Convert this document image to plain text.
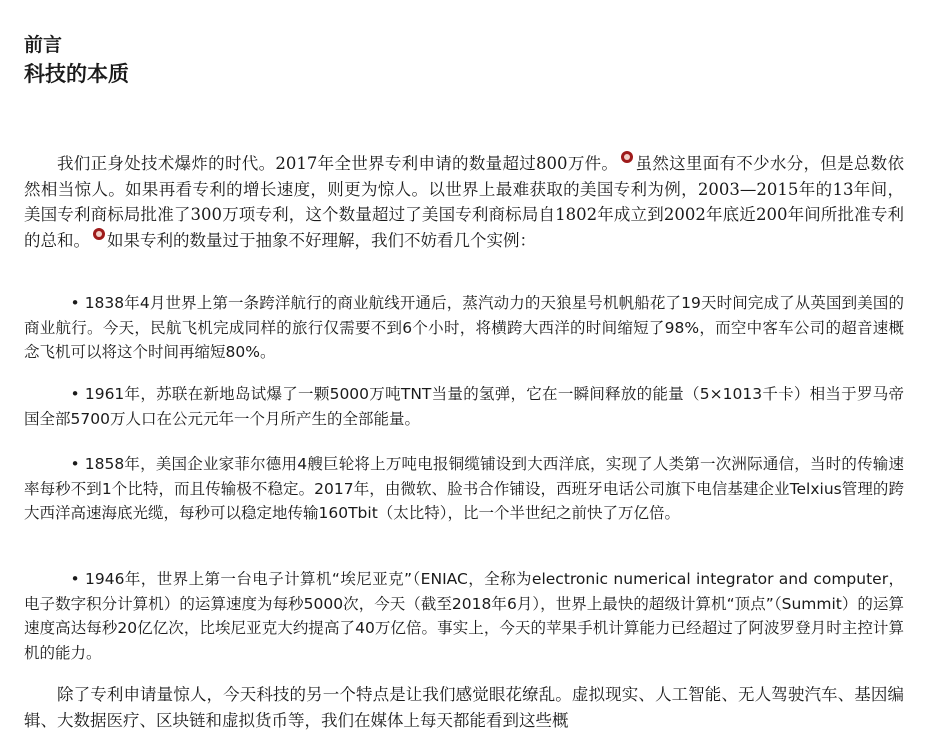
前言
科技的本质

我们正身处技术爆炸的时代。2017年全世界专利申请的数量超过800万件。 虽然这里面有不少水分，但是总数依然相当惊人。如果再看专利的增长速度，则更为惊人。以世界上最难获取的美国专利为例，2003—2015年的13年间，美国专利商标局批准了300万项专利，这个数量超过了美国专利商标局自1802年成立到2002年底近200年间所批准专利的总和。 如果专利的数量过于抽象不好理解，我们不妨看几个实例：

• 1838年4月世界上第一条跨洋航行的商业航线开通后，蒸汽动力的天狼星号机帆船花了19天时间完成了从英国到美国的商业航行。今天，民航飞机完成同样的旅行仅需要不到6个小时，将横跨大西洋的时间缩短了98%，而空中客车公司的超音速概念飞机可以将这个时间再缩短80%。

• 1961年，苏联在新地岛试爆了一颗5000万吨TNT当量的氢弹，它在一瞬间释放的能量（5×1013千卡）相当于罗马帝国全部5700万人口在公元元年一个月所产生的全部能量。

• 1858年，美国企业家菲尔德用4艘巨轮将上万吨电报铜缆铺设到大西洋底，实现了人类第一次洲际通信，当时的传输速率每秒不到1个比特，而且传输极不稳定。2017年，由微软、脸书合作铺设，西班牙电话公司旗下电信基建企业Telxius管理的跨大西洋高速海底光缆，每秒可以稳定地传输160Tbit（太比特），比一个半世纪之前快了万亿倍。

• 1946年，世界上第一台电子计算机“埃尼亚克”（ENIAC，全称为electronic numerical integrator and computer，电子数字积分计算机）的运算速度为每秒5000次，今天（截至2018年6月），世界上最快的超级计算机“顶点”（Summit）的运算速度高达每秒20亿亿次，比埃尼亚克大约提高了40万亿倍。事实上，今天的苹果手机计算能力已经超过了阿波罗登月时主控计算机的能力。

除了专利申请量惊人，今天科技的另一个特点是让我们感觉眼花缭乱。虚拟现实、人工智能、无人驾驶汽车、基因编辑、大数据医疗、区块链和虚拟货币等，我们在媒体上每天都能看到这些概
